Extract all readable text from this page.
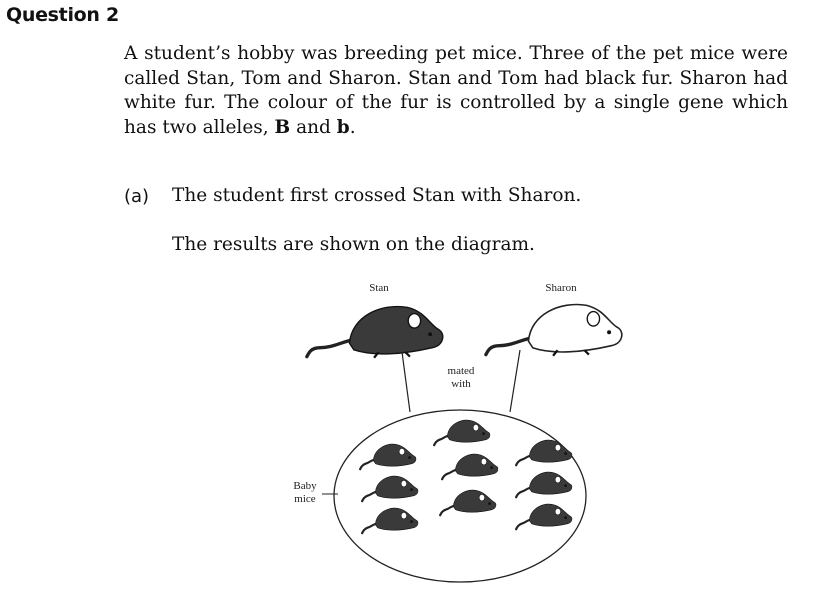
Question 2

A student’s hobby was breeding pet mice. Three of the pet mice were called Stan, Tom and Sharon. Stan and Tom had black fur. Sharon had white fur. The colour of the fur is controlled by a single gene which has two alleles, B and b.

(a) The student first crossed Stan with Sharon.
The results are shown on the diagram.
Stan	Sharon
mated
with
Baby
mice
